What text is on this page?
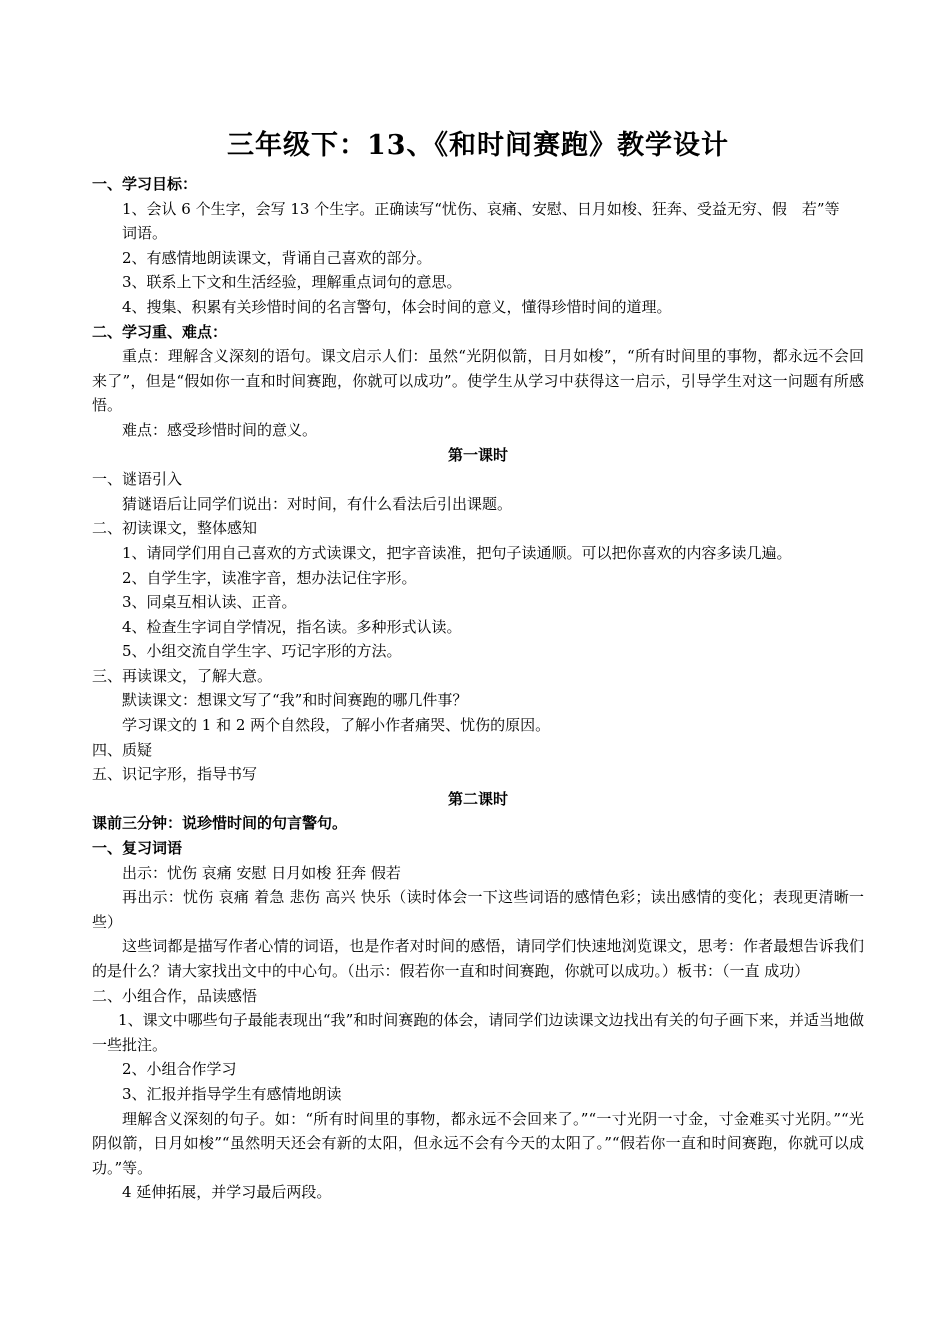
三年级下：13、《和时间赛跑》教学设计

一、学习目标：

1、会认 6 个生字，会写 13 个生字。正确读写“忧伤、哀痛、安慰、日月如梭、狂奔、受益无穷、假　若”等

词语。

2、有感情地朗读课文，背诵自己喜欢的部分。

3、联系上下文和生活经验，理解重点词句的意思。

4、搜集、积累有关珍惜时间的名言警句，体会时间的意义，懂得珍惜时间的道理。

二、学习重、难点：

重点：理解含义深刻的语句。课文启示人们：虽然“光阴似箭，日月如梭”，“所有时间里的事物，都永远不会回来了”，但是“假如你一直和时间赛跑，你就可以成功”。使学生从学习中获得这一启示，引导学生对这一问题有所感悟。

难点：感受珍惜时间的意义。

第一课时

一、谜语引入

猜谜语后让同学们说出：对时间，有什么看法后引出课题。

二、初读课文，整体感知

1、请同学们用自己喜欢的方式读课文，把字音读准，把句子读通顺。可以把你喜欢的内容多读几遍。

2、自学生字，读准字音，想办法记住字形。

3、同桌互相认读、正音。

4、检查生字词自学情况，指名读。多种形式认读。

5、小组交流自学生字、巧记字形的方法。

三、再读课文，了解大意。

默读课文：想课文写了“我”和时间赛跑的哪几件事？

学习课文的 1 和 2 两个自然段，了解小作者痛哭、忧伤的原因。

四、质疑

五、识记字形，指导书写

第二课时

课前三分钟：说珍惜时间的句言警句。

一、复习词语

出示：忧伤 哀痛 安慰 日月如梭 狂奔 假若

再出示：忧伤 哀痛 着急 悲伤 高兴 快乐（读时体会一下这些词语的感情色彩；读出感情的变化；表现更清晰一些）

这些词都是描写作者心情的词语，也是作者对时间的感悟，请同学们快速地浏览课文，思考：作者最想告诉我们的是什么？请大家找出文中的中心句。（出示：假若你一直和时间赛跑，你就可以成功。）板书：（一直 成功）

二、小组合作，品读感悟

1、课文中哪些句子最能表现出“我”和时间赛跑的体会，请同学们边读课文边找出有关的句子画下来，并适当地做一些批注。

2、小组合作学习

3、汇报并指导学生有感情地朗读

理解含义深刻的句子。如：“所有时间里的事物，都永远不会回来了。”“一寸光阴一寸金，寸金难买寸光阴。”“光阴似箭，日月如梭”“虽然明天还会有新的太阳，但永远不会有今天的太阳了。”“假若你一直和时间赛跑，你就可以成功。”等。

4 延伸拓展，并学习最后两段。
